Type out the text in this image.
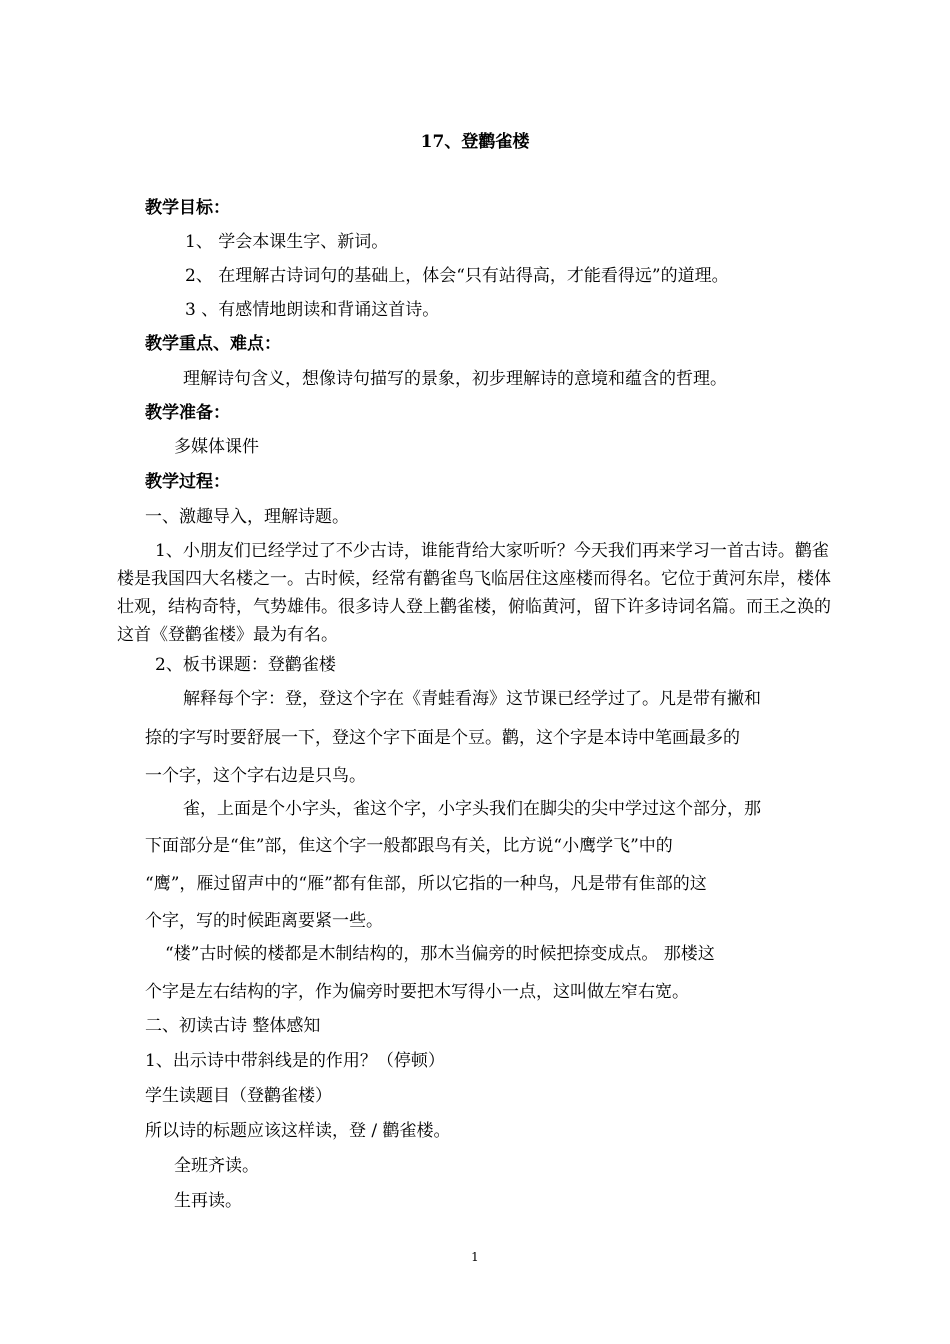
17、登鹳雀楼
教学目标：
1、 学会本课生字、新词。
2、 在理解古诗词句的基础上，体会“只有站得高，才能看得远”的道理。
3 、有感情地朗读和背诵这首诗。
教学重点、难点：
理解诗句含义，想像诗句描写的景象，初步理解诗的意境和蕴含的哲理。
教学准备：
多媒体课件
教学过程：
一、激趣导入，理解诗题。
1、小朋友们已经学过了不少古诗，谁能背给大家听听？今天我们再来学习一首古诗。鹳雀
楼是我国四大名楼之一。古时候，经常有鹳雀鸟飞临居住这座楼而得名。它位于黄河东岸，楼体
壮观，结构奇特，气势雄伟。很多诗人登上鹳雀楼，俯临黄河，留下许多诗词名篇。而王之涣的
这首《登鹳雀楼》最为有名。
2、板书课题：登鹳雀楼
解释每个字：登，登这个字在《青蛙看海》这节课已经学过了。凡是带有撇和
捺的字写时要舒展一下，登这个字下面是个豆。鹳，这个字是本诗中笔画最多的
一个字，这个字右边是只鸟。
雀，上面是个小字头，雀这个字，小字头我们在脚尖的尖中学过这个部分，那
下面部分是“隹”部，隹这个字一般都跟鸟有关，比方说“小鹰学飞”中的
“鹰”，雁过留声中的“雁”都有隹部，所以它指的一种鸟，凡是带有隹部的这
个字，写的时候距离要紧一些。
“楼”古时候的楼都是木制结构的，那木当偏旁的时候把捺变成点。 那楼这
个字是左右结构的字，作为偏旁时要把木写得小一点，这叫做左窄右宽。
二、初读古诗 整体感知
1、出示诗中带斜线是的作用？（停顿）
学生读题目（登鹳雀楼）
所以诗的标题应该这样读，登 / 鹳雀楼。
全班齐读。
生再读。
1
